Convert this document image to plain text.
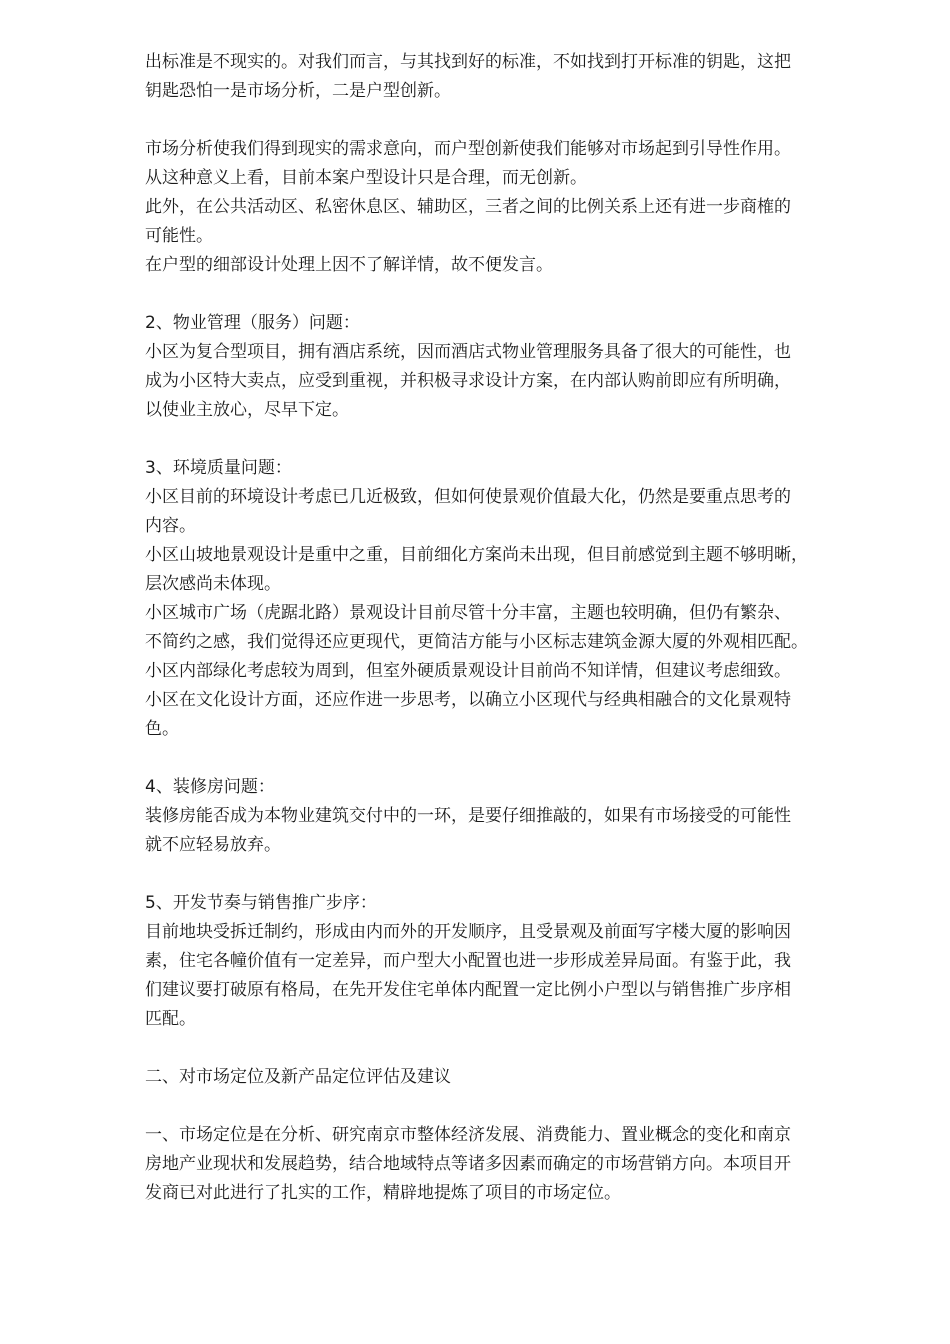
出标准是不现实的。对我们而言，与其找到好的标准，不如找到打开标准的钥匙，这把
钥匙恐怕一是市场分析，二是户型创新。
市场分析使我们得到现实的需求意向，而户型创新使我们能够对市场起到引导性作用。
从这种意义上看，目前本案户型设计只是合理，而无创新。
此外，在公共活动区、私密休息区、辅助区，三者之间的比例关系上还有进一步商榷的
可能性。
在户型的细部设计处理上因不了解详情，故不便发言。
2、物业管理（服务）问题：
小区为复合型项目，拥有酒店系统，因而酒店式物业管理服务具备了很大的可能性，也
成为小区特大卖点，应受到重视，并积极寻求设计方案，在内部认购前即应有所明确，
以使业主放心，尽早下定。
3、环境质量问题：
小区目前的环境设计考虑已几近极致，但如何使景观价值最大化，仍然是要重点思考的
内容。
小区山坡地景观设计是重中之重，目前细化方案尚未出现，但目前感觉到主题不够明晰，
层次感尚未体现。
小区城市广场（虎踞北路）景观设计目前尽管十分丰富，主题也较明确，但仍有繁杂、
不简约之感，我们觉得还应更现代，更简洁方能与小区标志建筑金源大厦的外观相匹配。
小区内部绿化考虑较为周到，但室外硬质景观设计目前尚不知详情，但建议考虑细致。
小区在文化设计方面，还应作进一步思考，以确立小区现代与经典相融合的文化景观特
色。
4、装修房问题：
装修房能否成为本物业建筑交付中的一环，是要仔细推敲的，如果有市场接受的可能性
就不应轻易放弃。
5、开发节奏与销售推广步序：
目前地块受拆迁制约，形成由内而外的开发顺序，且受景观及前面写字楼大厦的影响因
素，住宅各幢价值有一定差异，而户型大小配置也进一步形成差异局面。有鉴于此，我
们建议要打破原有格局，在先开发住宅单体内配置一定比例小户型以与销售推广步序相
匹配。
二、对市场定位及新产品定位评估及建议
一、市场定位是在分析、研究南京市整体经济发展、消费能力、置业概念的变化和南京
房地产业现状和发展趋势，结合地域特点等诸多因素而确定的市场营销方向。本项目开
发商已对此进行了扎实的工作，精辟地提炼了项目的市场定位。
